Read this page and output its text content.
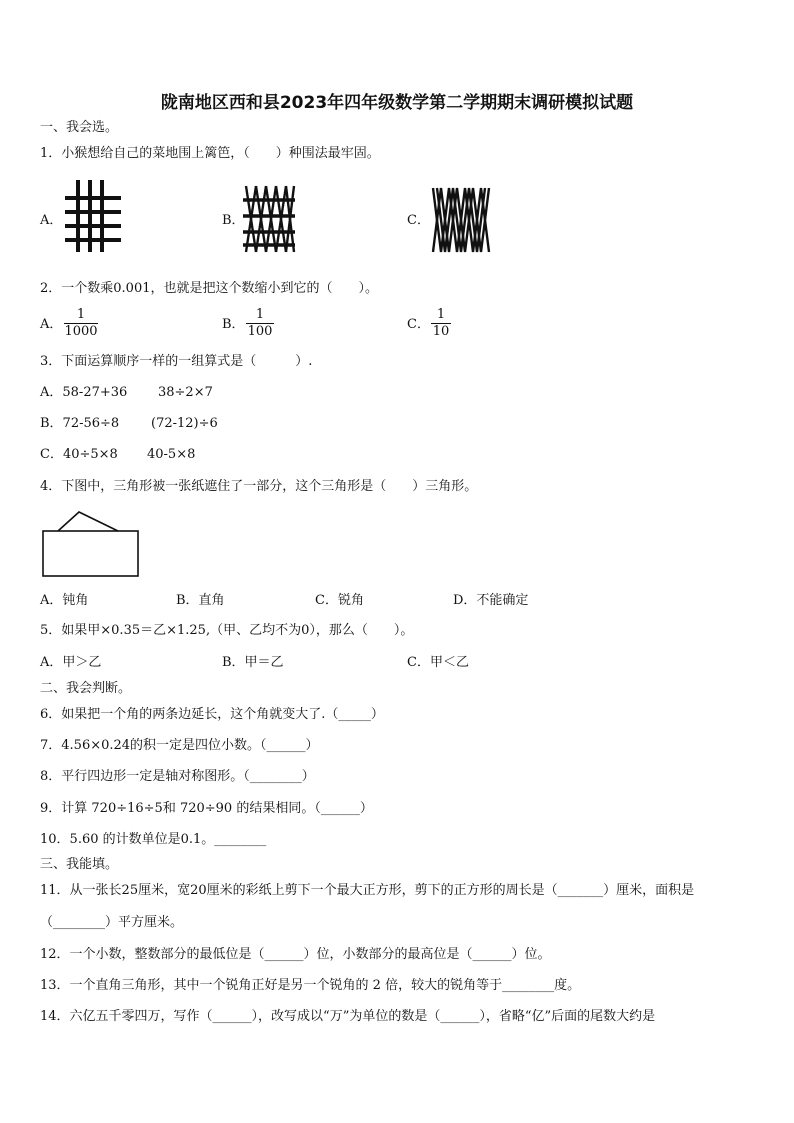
陇南地区西和县2023年四年级数学第二学期期末调研模拟试题
一、我会选。
1．小猴想给自己的菜地围上篱笆，（　　）种围法最牢固。
A．	B．	C．
2．一个数乘0.001，也就是把这个数缩小到它的（　　）。
A．
1
1000	B．
1
100	C．
1
10
3．下面运算顺序一样的一组算式是（　　　）.
A．58-27+36 38÷2×7
B．72-56÷8 (72-12)÷6
C．40÷5×8 40-5×8
4．下图中，三角形被一张纸遮住了一部分，这个三角形是（　　）三角形。
A．钝角	B．直角	C．锐角	D．不能确定
5．如果甲×0.35＝乙×1.25,（甲、乙均不为0），那么（　　）。
A．甲＞乙	B．甲＝乙	C．甲＜乙
二、我会判断。
6．如果把一个角的两条边延长，这个角就变大了.（_____）
7．4.56×0.24的积一定是四位小数。（______）
8．平行四边形一定是轴对称图形。（________）
9．计算 720÷16÷5和 720÷90 的结果相同。（______）
10．5.60 的计数单位是0.1。________
三、我能填。
11．从一张长25厘米，宽20厘米的彩纸上剪下一个最大正方形，剪下的正方形的周长是（_______）厘米，面积是
（________）平方厘米。
12．一个小数，整数部分的最低位是（______）位，小数部分的最高位是（______）位。
13．一个直角三角形，其中一个锐角正好是另一个锐角的 2 倍，较大的锐角等于________度。
14．六亿五千零四万，写作（______），改写成以“万”为单位的数是（______），省略“亿”后面的尾数大约是
